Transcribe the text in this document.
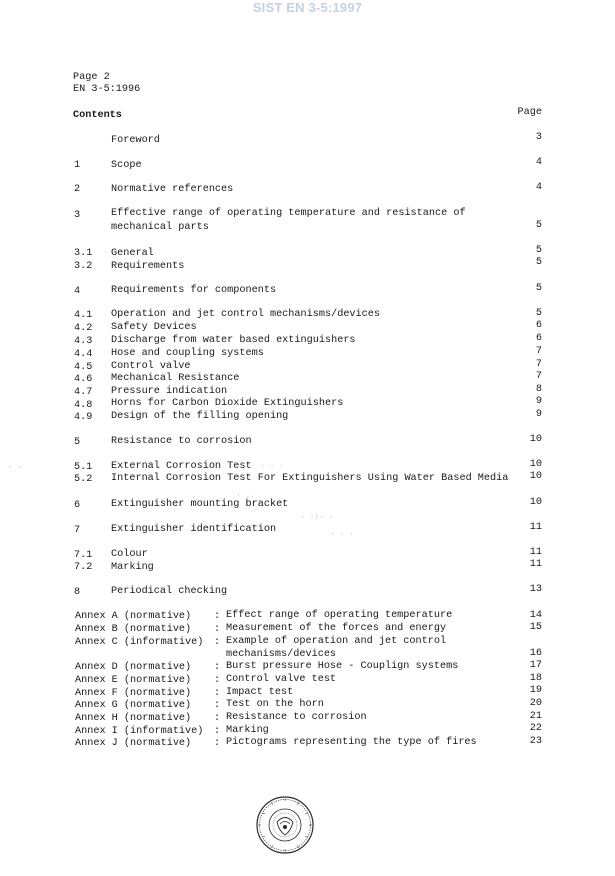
SIST EN 3-5:1997
Page 2
EN 3-5:1996
Contents	Page
Foreword	3
1	Scope	4
2	Normative references	4
3	Effective range of operating temperature and resistance of
mechanical parts	5
3.1 General	5
3.2 Requirements	5
4	Requirements for components	5
4.1 Operation and jet control mechanisms/devices	5
4.2 Safety Devices	6
4.3 Discharge from water based extinguishers	6
4.4 Hose and coupling systems	7
4.5 Control valve	7
4.6 Mechanical Resistance	7
4.7 Pressure indication	8
4.8 Horns for Carbon Dioxide Extinguishers	9
4.9 Design of the filling opening	9
5	Resistance to corrosion	10
5.1 External Corrosion Test	10
5.2 Internal Corrosion Test For Extinguishers Using Water Based Media 10
6	Extinguisher mounting bracket	10
7	Extinguisher identification	11
7.1 Colour	11
7.2 Marking	11
8	Periodical checking	13
Annex A (normative) : Effect range of operating temperature	14
Annex B (normative) : Measurement of the forces and energy	15
Annex C (informative) : Example of operation and jet control
mechanisms/devices	16
Annex D (normative) : Burst pressure Hose - Couplign systems	17
Annex E (normative) : Control valve test	18
Annex F (normative) : Impact test	19
Annex G (normative) : Test on the horn	20
Annex H (normative) : Resistance to corrosion	21
Annex I (informative) : Marking	22
Annex J (normative) : Pictograms representing the type of fires	23
· · ·
· ..
· ·:· ·
· · ·
· ·
